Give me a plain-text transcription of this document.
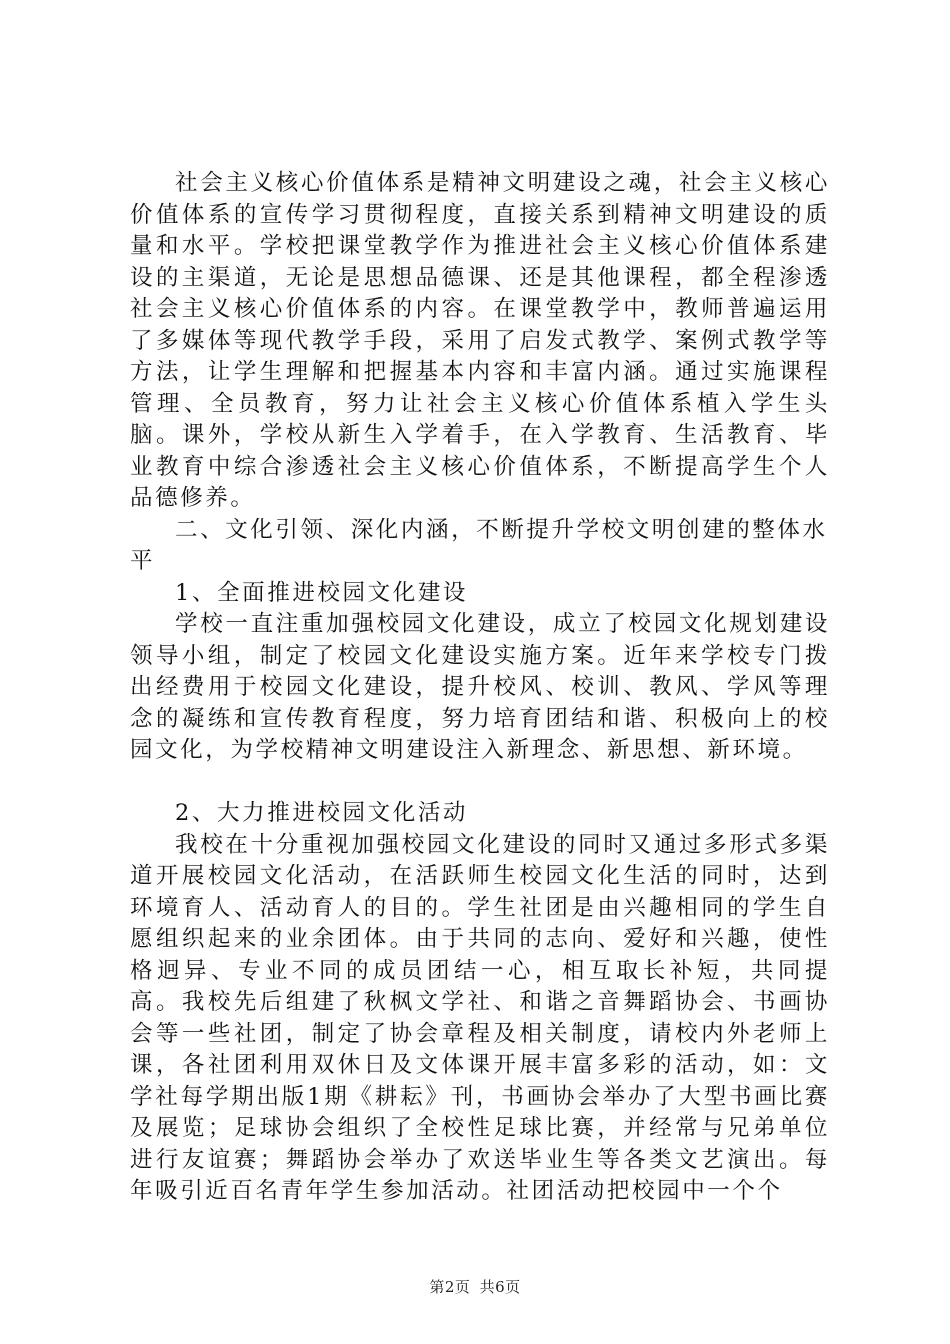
社会主义核心价值体系是精神文明建设之魂，社会主义核心价值体系的宣传学习贯彻程度，直接关系到精神文明建设的质量和水平。学校把课堂教学作为推进社会主义核心价值体系建设的主渠道，无论是思想品德课、还是其他课程，都全程渗透社会主义核心价值体系的内容。在课堂教学中，教师普遍运用了多媒体等现代教学手段，采用了启发式教学、案例式教学等方法，让学生理解和把握基本内容和丰富内涵。通过实施课程管理、全员教育，努力让社会主义核心价值体系植入学生头脑。课外，学校从新生入学着手，在入学教育、生活教育、毕业教育中综合渗透社会主义核心价值体系，不断提高学生个人品德修养。

二、文化引领、深化内涵，不断提升学校文明创建的整体水平

1、全面推进校园文化建设

学校一直注重加强校园文化建设，成立了校园文化规划建设领导小组，制定了校园文化建设实施方案。近年来学校专门拨出经费用于校园文化建设，提升校风、校训、教风、学风等理念的凝练和宣传教育程度，努力培育团结和谐、积极向上的校园文化，为学校精神文明建设注入新理念、新思想、新环境。

2、大力推进校园文化活动

我校在十分重视加强校园文化建设的同时又通过多形式多渠道开展校园文化活动，在活跃师生校园文化生活的同时，达到环境育人、活动育人的目的。学生社团是由兴趣相同的学生自愿组织起来的业余团体。由于共同的志向、爱好和兴趣，使性格迥异、专业不同的成员团结一心，相互取长补短，共同提高。我校先后组建了秋枫文学社、和谐之音舞蹈协会、书画协会等一些社团，制定了协会章程及相关制度，请校内外老师上课，各社团利用双休日及文体课开展丰富多彩的活动，如：文学社每学期出版1期《耕耘》刊，书画协会举办了大型书画比赛及展览；足球协会组织了全校性足球比赛，并经常与兄弟单位进行友谊赛；舞蹈协会举办了欢送毕业生等各类文艺演出。每年吸引近百名青年学生参加活动。社团活动把校园中一个个

第2页 共6页
